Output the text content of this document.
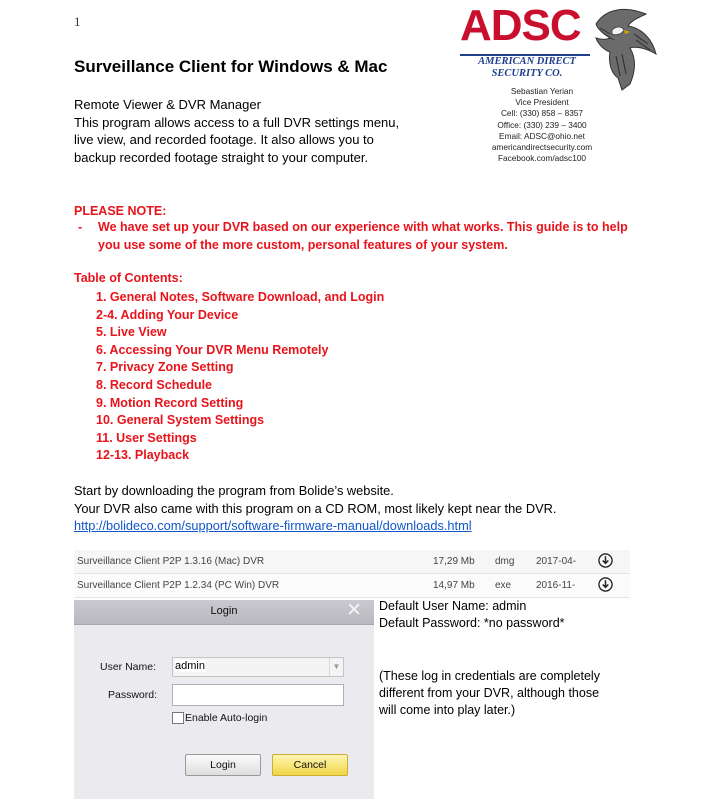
1	ADSC
AMERICAN DIRECT
SECURITY CO.
Sebastian Yerian
Vice President
Cell: (330) 858 – 8357
Office: (330) 239 – 3400
Email: ADSC@ohio.net
americandirectsecurity.com
Facebook.com/adsc100
Surveillance Client for Windows & Mac
Remote Viewer & DVR Manager
This program allows access to a full DVR settings menu,
live view, and recorded footage. It also allows you to
backup recorded footage straight to your computer.
PLEASE NOTE:
- We have set up your DVR based on our experience with what works. This guide is to help you use some of the more custom, personal features of your system.
Table of Contents:
1. General Notes, Software Download, and Login
2-4. Adding Your Device
5. Live View
6. Accessing Your DVR Menu Remotely
7. Privacy Zone Setting
8. Record Schedule
9. Motion Record Setting
10. General System Settings
11. User Settings
12-13. Playback
Start by downloading the program from Bolide’s website.
Your DVR also came with this program on a CD ROM, most likely kept near the DVR.
http://bolideco.com/support/software-firmware-manual/downloads.html
Surveillance Client P2P 1.3.16 (Mac) DVR	17,29 Mb dmg 2017-04-
Surveillance Client P2P 1.2.34 (PC Win) DVR	14,97 Mb exe 2016-11-
Login	✕
User Name: admin	▼
Password:
Enable Auto-login
Login	Cancel
Default User Name: admin
Default Password: *no password*
(These log in credentials are completely
different from your DVR, although those
will come into play later.)
